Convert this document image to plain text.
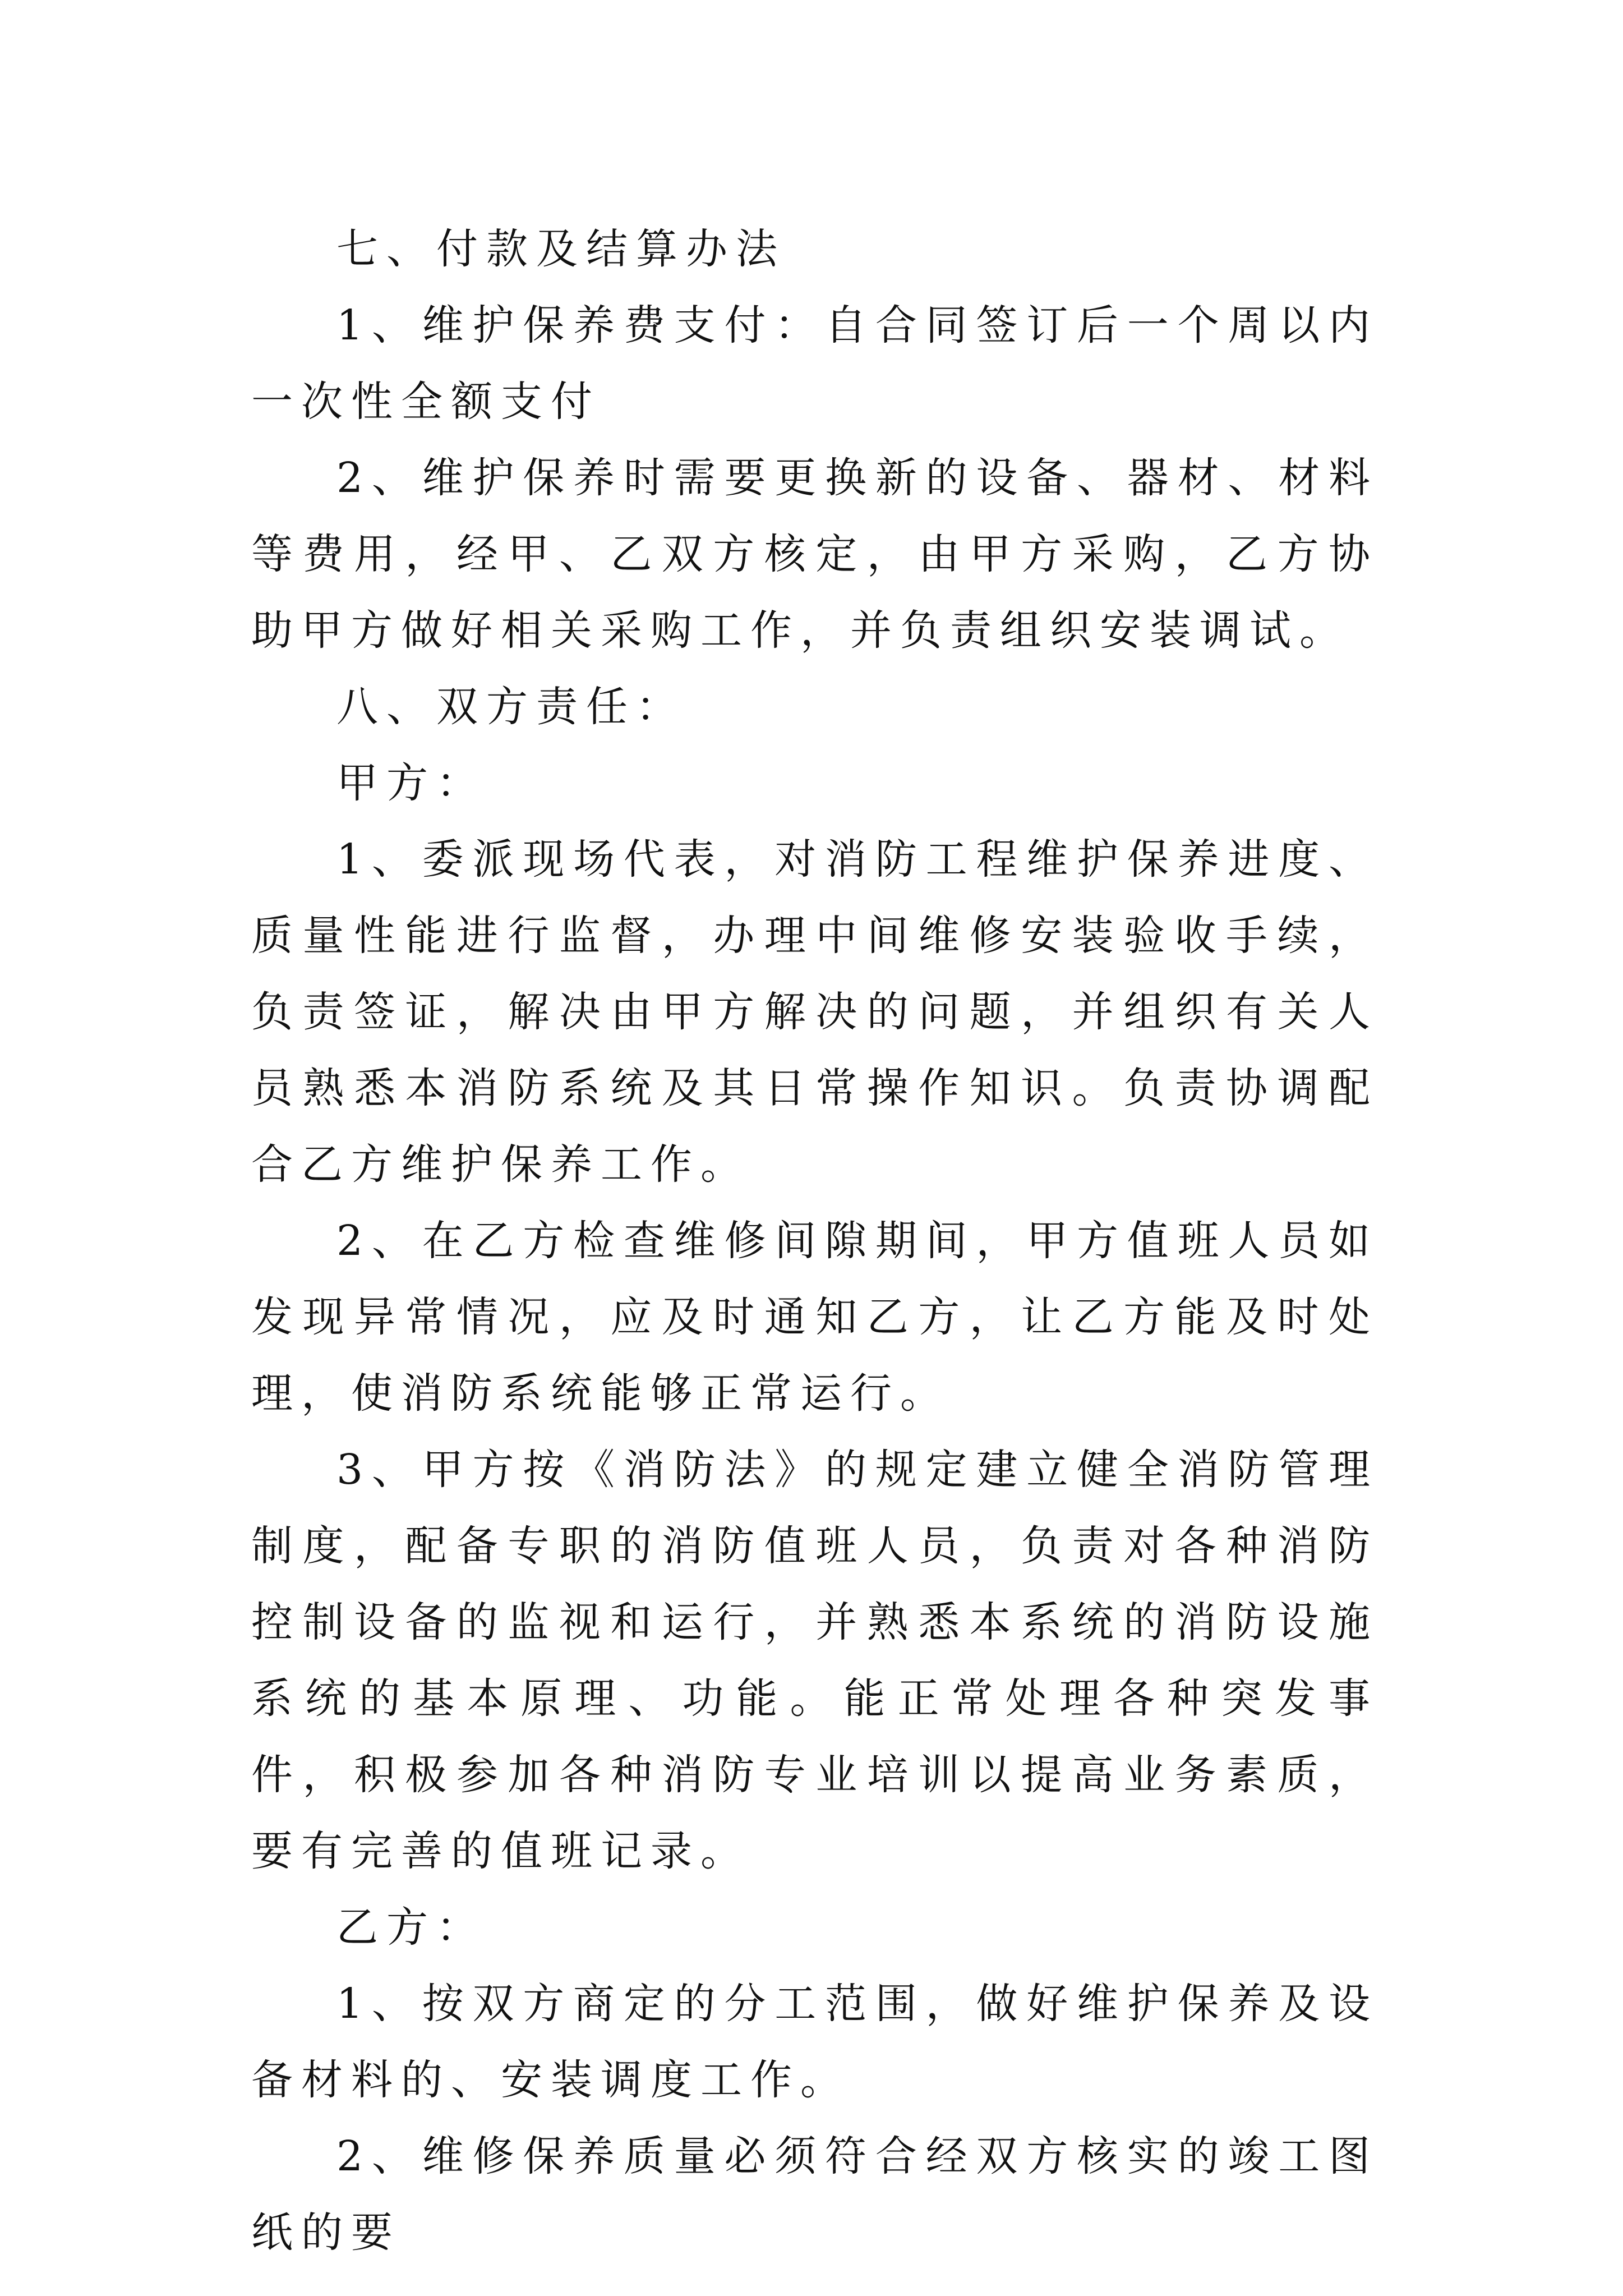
七、付款及结算办法

1、维护保养费支付：自合同签订后一个周以内一次性全额支付

2、维护保养时需要更换新的设备、器材、材料等费用，经甲、乙双方核定，由甲方采购，乙方协助甲方做好相关采购工作，并负责组织安装调试。

八、双方责任：

甲方：

1、委派现场代表，对消防工程维护保养进度、质量性能进行监督，办理中间维修安装验收手续，负责签证，解决由甲方解决的问题，并组织有关人员熟悉本消防系统及其日常操作知识。负责协调配合乙方维护保养工作。

2、在乙方检查维修间隙期间，甲方值班人员如发现异常情况，应及时通知乙方，让乙方能及时处理，使消防系统能够正常运行。

3、甲方按《消防法》的规定建立健全消防管理制度，配备专职的消防值班人员，负责对各种消防控制设备的监视和运行，并熟悉本系统的消防设施系统的基本原理、功能。能正常处理各种突发事件，积极参加各种消防专业培训以提高业务素质，要有完善的值班记录。

乙方：

1、按双方商定的分工范围，做好维护保养及设备材料的、安装调度工作。

2、维修保养质量必须符合经双方核实的竣工图纸的要
